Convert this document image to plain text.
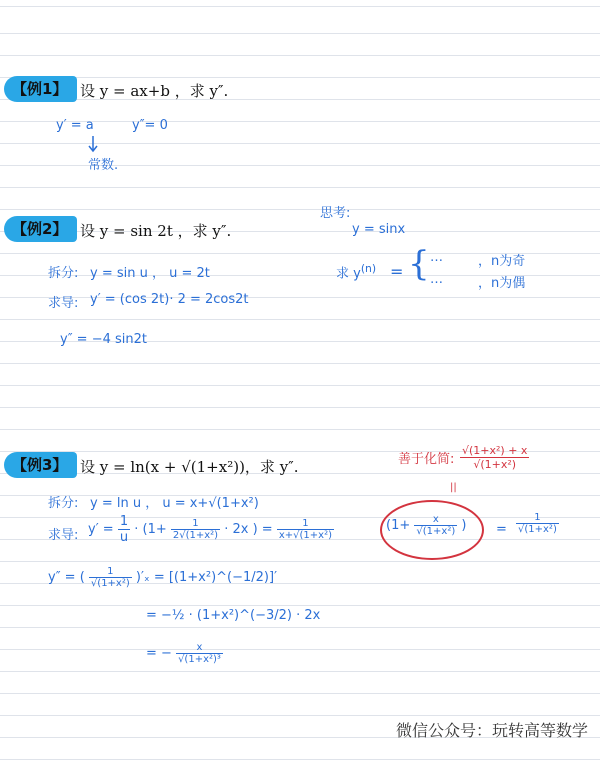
【例1】 设 y = ax+b ，求 y″.
y′ = a	y″= 0
常数.
【例2】 设 y = sin 2t ，求 y″.
拆分: y = sin u ， u = 2t
求导: y′ = (cos 2t)· 2 = 2cos2t
y″ = −4 sin2t
思考:
y = sinx
求 $y^{(n)}$ = { …	，n为奇
…	，n为偶
【例3】 设 y = ln(x + √(1+x²))，求 y″.	善于化简: $\frac{\text{√(1+x²) + x}}{\text{√(1+x²)}}$
||
拆分: y = ln u ， u = x+√(1+x²)
求导: $y' = \frac{1}{u} \cdot (1+ \frac{1}{\text{2√(1+x²)}} \cdot 2x$ ) = $\frac{1}{\text{x+√(1+x²)}}$	($1+ \frac{x}{\text{√(1+x²)}}$ ) = $\frac{1}{\text{√(1+x²)}}$
y″ = ( $\frac{1}{\text{√(1+x²)}} )'_x$ = [(1+x²)^(−1/2)]′
= −½ · (1+x²)^(−3/2) · 2x
= − $\frac{x}{\text{√(1+x²)³}}$
微信公众号：玩转高等数学
